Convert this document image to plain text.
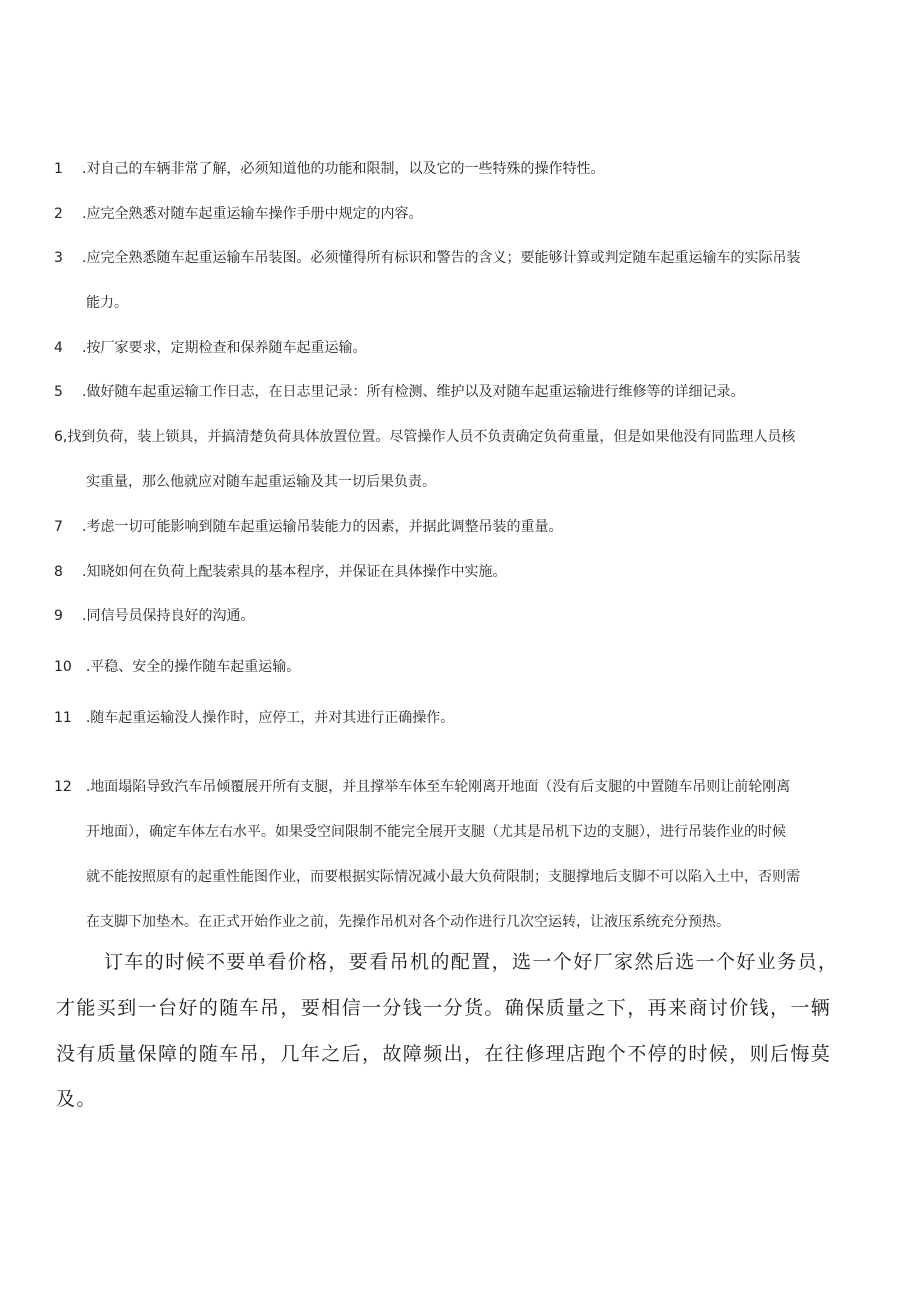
1 .对自己的车辆非常了解，必须知道他的功能和限制，以及它的一些特殊的操作特性。
2 .应完全熟悉对随车起重运输车操作手册中规定的内容。
3 .应完全熟悉随车起重运输车吊装图。必须懂得所有标识和警告的含义；要能够计算或判定随车起重运输车的实际吊装
能力。
4 .按厂家要求，定期检查和保养随车起重运输。
5 .做好随车起重运输工作日志，在日志里记录：所有检测、维护以及对随车起重运输进行维修等的详细记录。
6,找到负荷，装上锁具，并搞清楚负荷具体放置位置。尽管操作人员不负责确定负荷重量，但是如果他没有同监理人员核
实重量，那么他就应对随车起重运输及其一切后果负责。
7 .考虑一切可能影响到随车起重运输吊装能力的因素，并据此调整吊装的重量。
8 .知晓如何在负荷上配装索具的基本程序，并保证在具体操作中实施。
9 .同信号员保持良好的沟通。
10 .平稳、安全的操作随车起重运输。
11 .随车起重运输没人操作时，应停工，并对其进行正确操作。
12 .地面塌陷导致汽车吊倾覆展开所有支腿，并且撑举车体至车轮刚离开地面（没有后支腿的中置随车吊则让前轮刚离
开地面），确定车体左右水平。如果受空间限制不能完全展开支腿（尤其是吊机下边的支腿），进行吊装作业的时候
就不能按照原有的起重性能图作业，而要根据实际情况减小最大负荷限制；支腿撑地后支脚不可以陷入土中，否则需
在支脚下加垫木。在正式开始作业之前，先操作吊机对各个动作进行几次空运转，让液压系统充分预热。
订车的时候不要单看价格，要看吊机的配置，选一个好厂家然后选一个好业务员，
才能买到一台好的随车吊，要相信一分钱一分货。确保质量之下，再来商讨价钱，一辆
没有质量保障的随车吊，几年之后，故障频出，在往修理店跑个不停的时候，则后悔莫
及。
